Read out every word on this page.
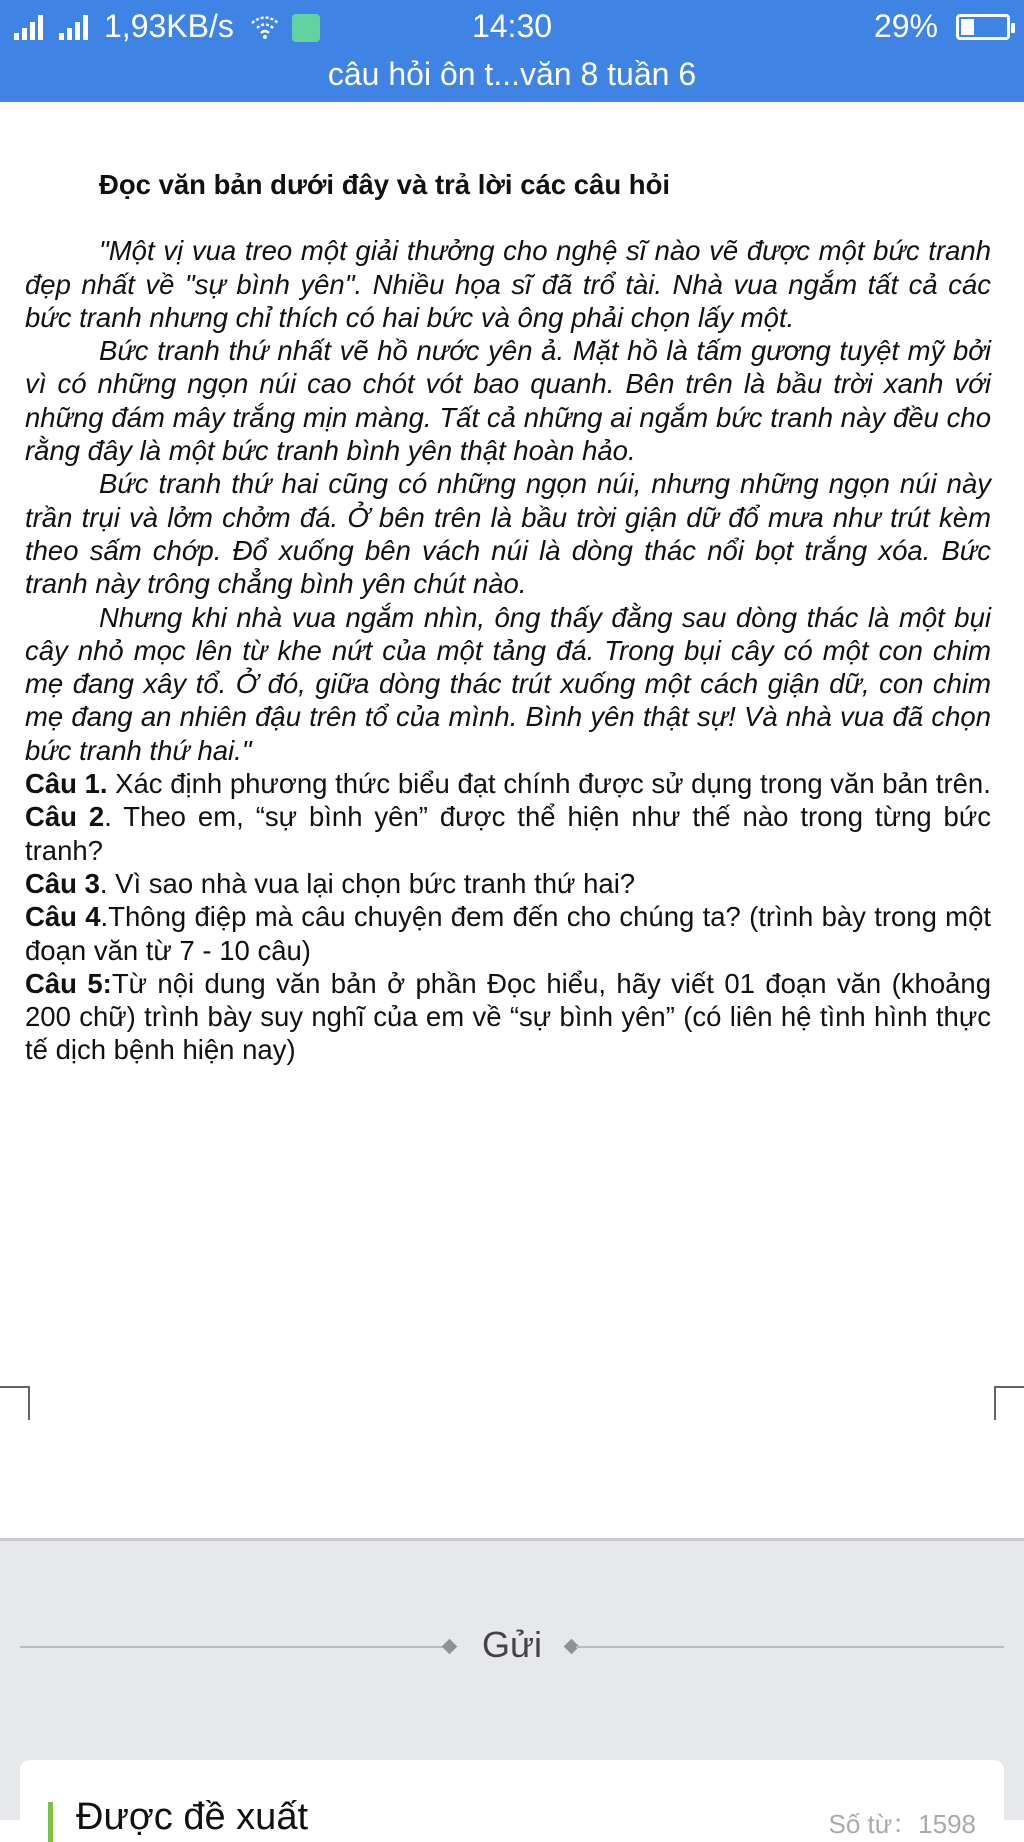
1,93KB/s	14:30	29%
câu hỏi ôn t...văn 8 tuần 6
Đọc văn bản dưới đây và trả lời các câu hỏi

"Một vị vua treo một giải thưởng cho nghệ sĩ nào vẽ được một bức tranh đẹp nhất về "sự bình yên". Nhiều họa sĩ đã trổ tài. Nhà vua ngắm tất cả các bức tranh nhưng chỉ thích có hai bức và ông phải chọn lấy một.

Bức tranh thứ nhất vẽ hồ nước yên ả. Mặt hồ là tấm gương tuyệt mỹ bởi vì có những ngọn núi cao chót vót bao quanh. Bên trên là bầu trời xanh với những đám mây trắng mịn màng. Tất cả những ai ngắm bức tranh này đều cho rằng đây là một bức tranh bình yên thật hoàn hảo.

Bức tranh thứ hai cũng có những ngọn núi, nhưng những ngọn núi này trần trụi và lởm chởm đá. Ở bên trên là bầu trời giận dữ đổ mưa như trút kèm theo sấm chớp. Đổ xuống bên vách núi là dòng thác nổi bọt trắng xóa. Bức tranh này trông chẳng bình yên chút nào.

Nhưng khi nhà vua ngắm nhìn, ông thấy đằng sau dòng thác là một bụi cây nhỏ mọc lên từ khe nứt của một tảng đá. Trong bụi cây có một con chim mẹ đang xây tổ. Ở đó, giữa dòng thác trút xuống một cách giận dữ, con chim mẹ đang an nhiên đậu trên tổ của mình. Bình yên thật sự! Và nhà vua đã chọn bức tranh thứ hai."

Câu 1. Xác định phương thức biểu đạt chính được sử dụng trong văn bản trên.

Câu 2. Theo em, “sự bình yên” được thể hiện như thế nào trong từng bức tranh?

Câu 3. Vì sao nhà vua lại chọn bức tranh thứ hai?

Câu 4.Thông điệp mà câu chuyện đem đến cho chúng ta? (trình bày trong một đoạn văn từ 7 - 10 câu)

Câu 5:Từ nội dung văn bản ở phần Đọc hiểu, hãy viết 01 đoạn văn (khoảng 200 chữ) trình bày suy nghĩ của em về “sự bình yên” (có liên hệ tình hình thực tế dịch bệnh hiện nay)

Gửi
Được đề xuất	Số từ：1598
